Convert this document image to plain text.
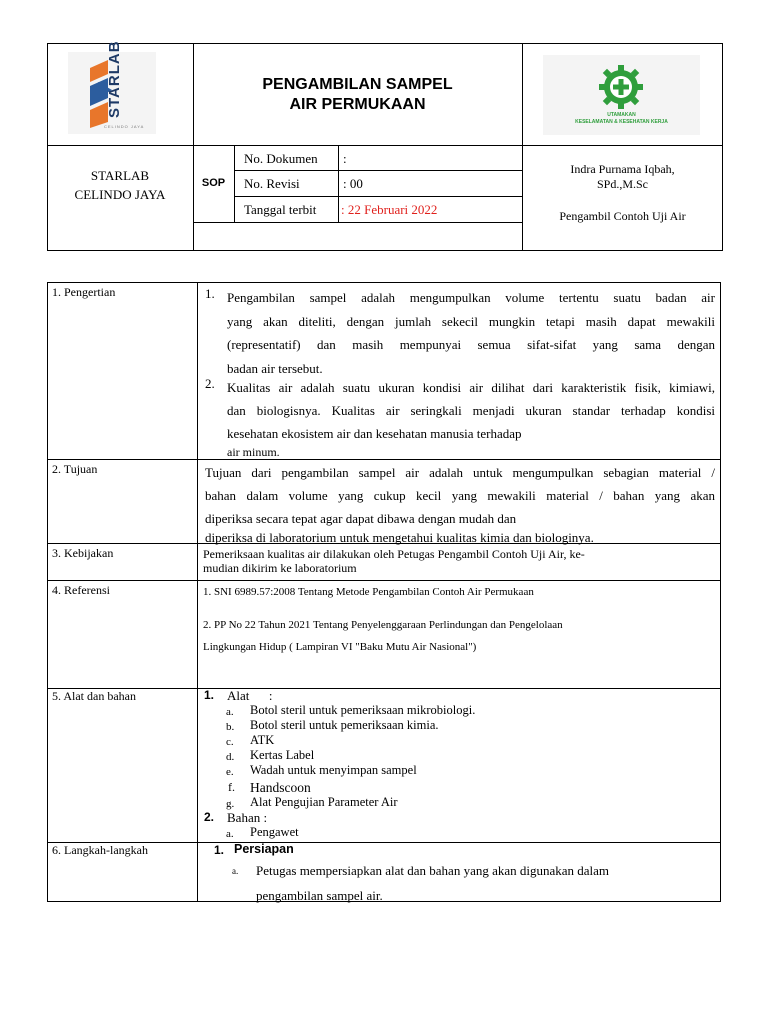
STARLAB
CELINDO JAYA
PENGAMBILAN SAMPEL
AIR PERMUKAAN
UTAMAKAN
KESELAMATAN & KESEHATAN KERJA
STARLAB
CELINDO JAYA
SOP
No. Dokumen :
No. Revisi	: 00
Tanggal terbit : 22 Februari 2022
Indra Purnama Iqbah,
SPd.,M.Sc
Pengambil Contoh Uji Air
1. Pengertian	1. Pengambilan sampel adalah mengumpulkan volume tertentu suatu badan air
yang akan diteliti, dengan jumlah sekecil mungkin tetapi masih dapat mewakili
(representatif) dan masih mempunyai semua sifat-sifat yang sama dengan
badan air tersebut.
2. Kualitas air adalah suatu ukuran kondisi air dilihat dari karakteristik fisik, kimiawi,
dan biologisnya. Kualitas air seringkali menjadi ukuran standar terhadap kondisi
kesehatan ekosistem air dan kesehatan manusia terhadap
air minum.
2. Tujuan	Tujuan dari pengambilan sampel air adalah untuk mengumpulkan sebagian material /
bahan dalam volume yang cukup kecil yang mewakili material / bahan yang akan
diperiksa secara tepat agar dapat dibawa dengan mudah dan
diperiksa di laboratorium untuk mengetahui kualitas kimia dan biologinya.
3. Kebijakan	Pemeriksaan kualitas air dilakukan oleh Petugas Pengambil Contoh Uji Air, ke-
mudian dikirim ke laboratorium
4. Referensi	1. SNI 6989.57:2008 Tentang Metode Pengambilan Contoh Air Permukaan
2. PP No 22 Tahun 2021 Tentang Penyelenggaraan Perlindungan dan Pengelolaan
Lingkungan Hidup ( Lampiran VI "Baku Mutu Air Nasional")
5. Alat dan bahan	1. Alat      :
a. Botol steril untuk pemeriksaan mikrobiologi.
b. Botol steril untuk pemeriksaan kimia.
c. ATK
d. Kertas Label
e. Wadah untuk menyimpan sampel
f. Handscoon
g. Alat Pengujian Parameter Air
2. Bahan :
a. Pengawet
6. Langkah-langkah	1. Persiapan
a. Petugas mempersiapkan alat dan bahan yang akan digunakan dalam
pengambilan sampel air.
